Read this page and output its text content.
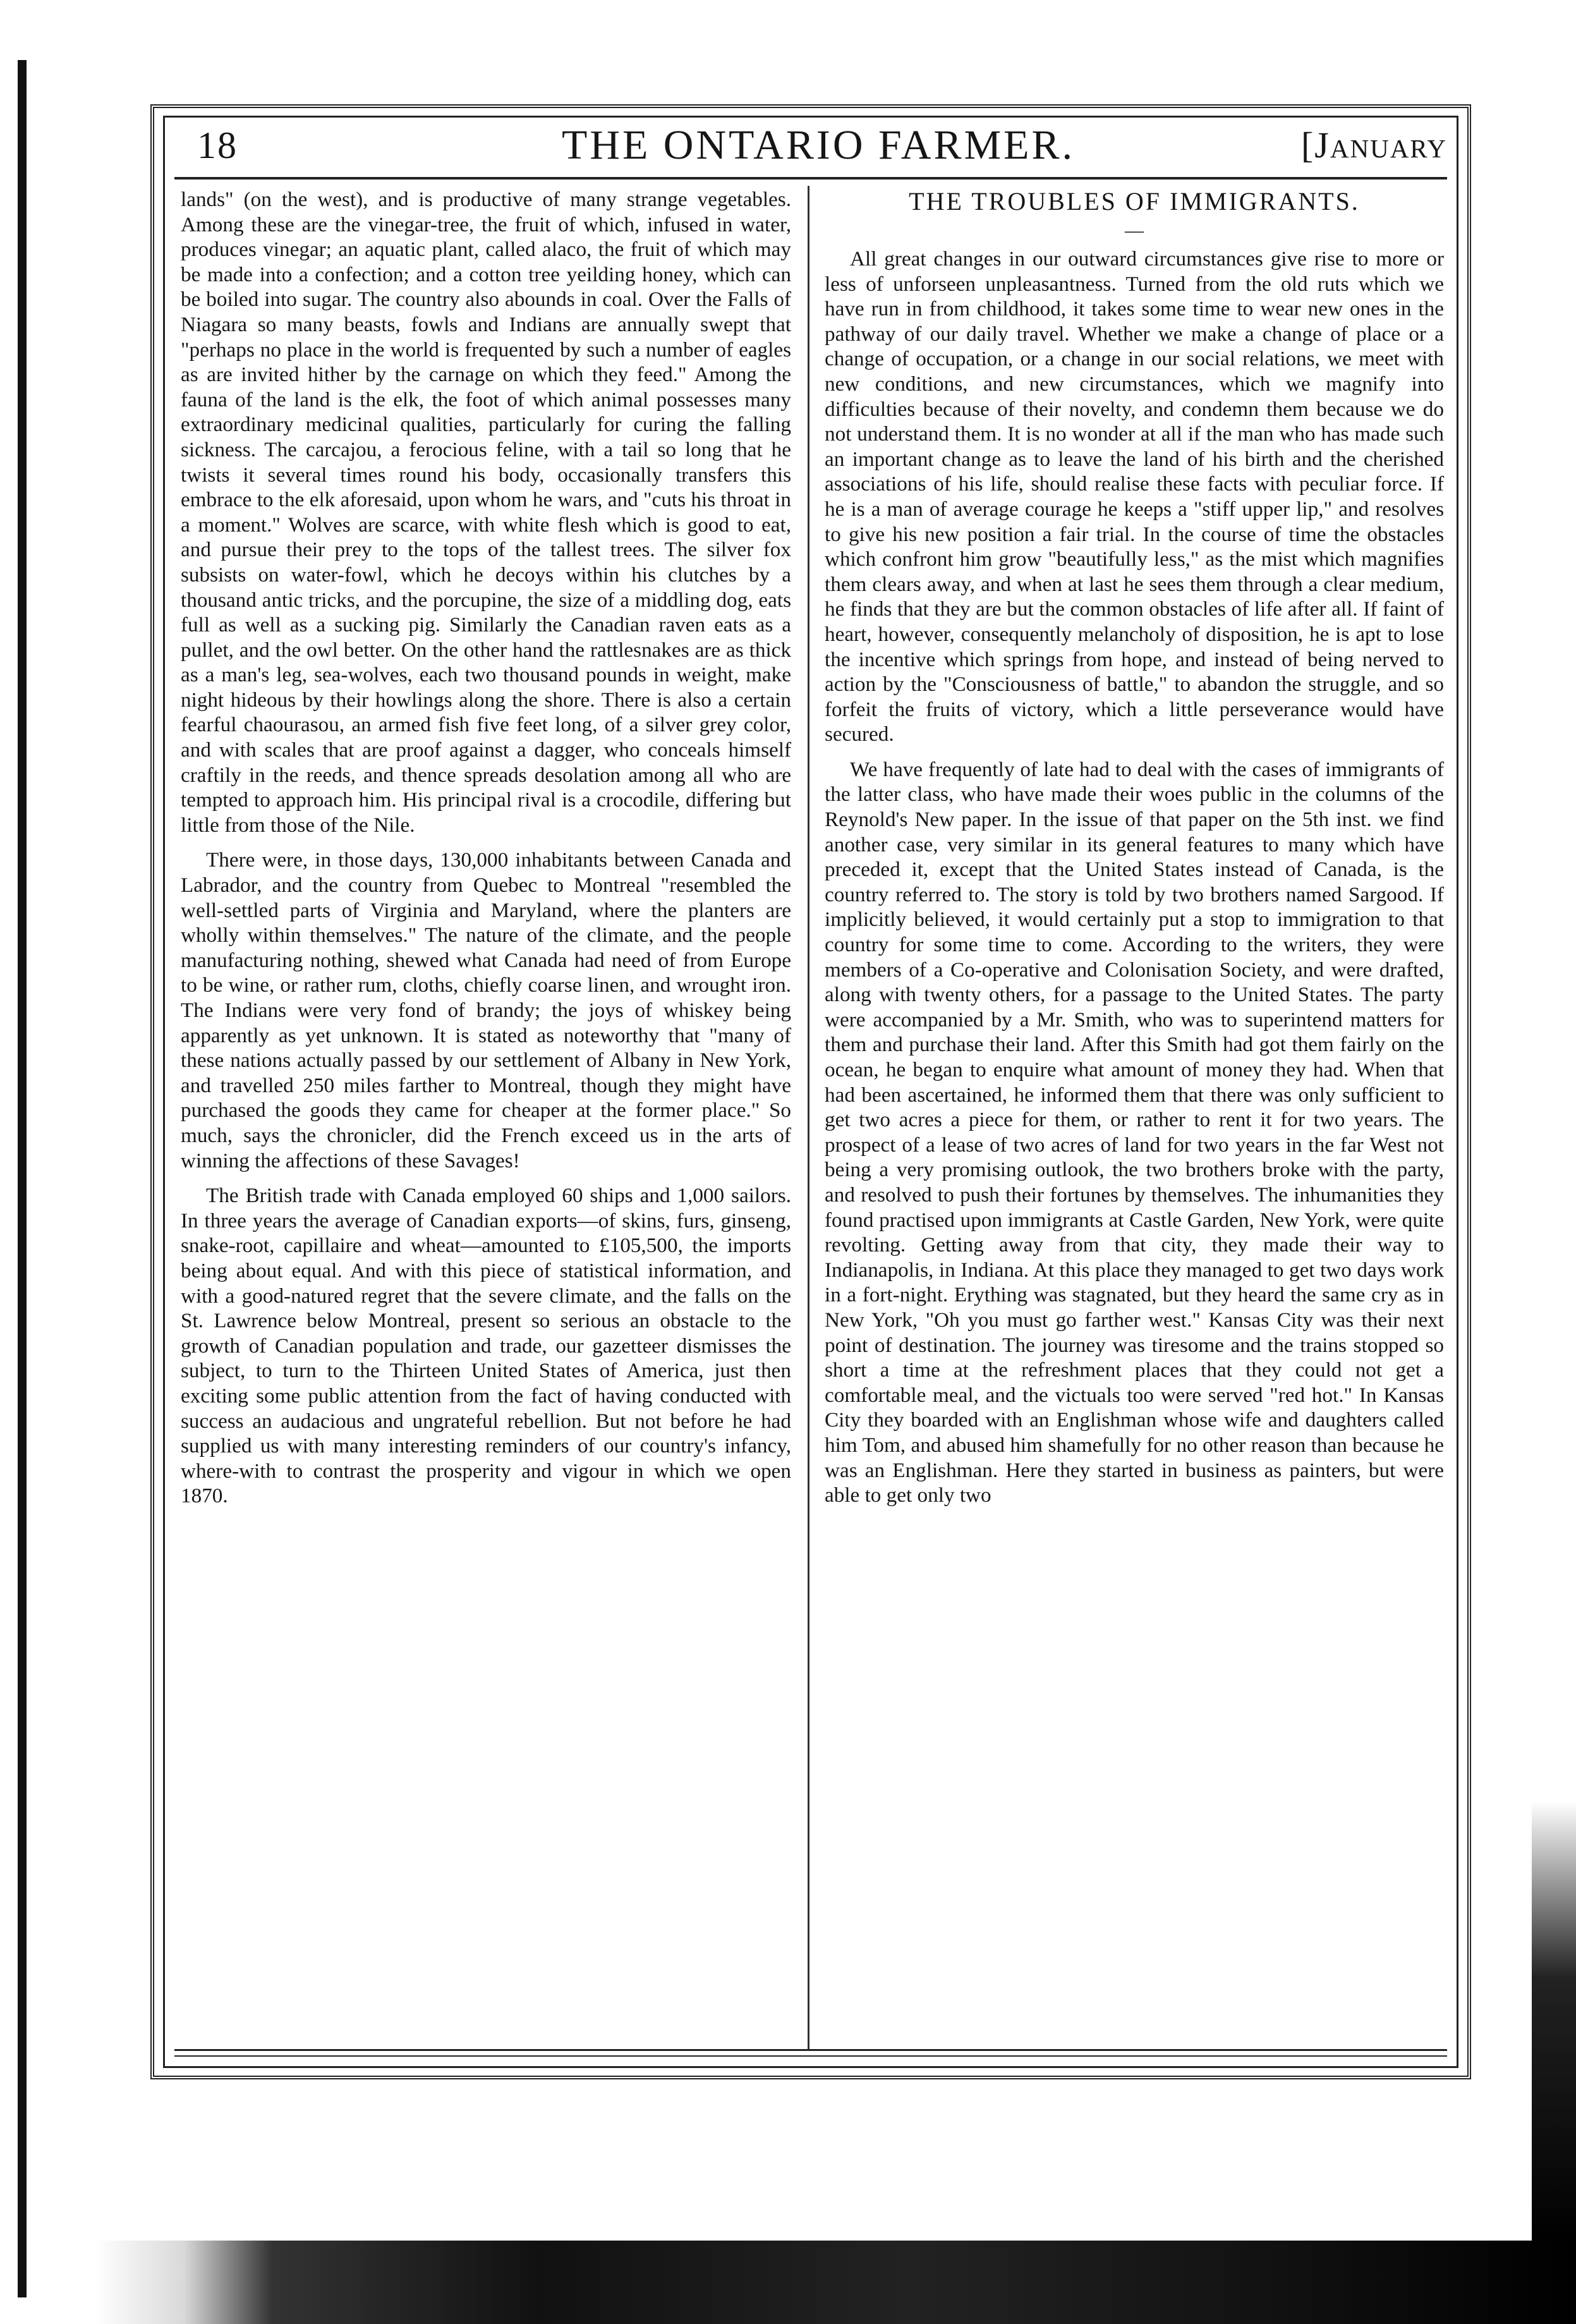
18	THE ONTARIO FARMER.	[January

lands" (on the west), and is productive of many strange vegetables. Among these are the vinegar-tree, the fruit of which, infused in water, produces vinegar; an aquatic plant, called alaco, the fruit of which may be made into a confection; and a cotton tree yeilding honey, which can be boiled into sugar. The country also abounds in coal. Over the Falls of Niagara so many beasts, fowls and Indians are annually swept that "perhaps no place in the world is frequented by such a number of eagles as are invited hither by the carnage on which they feed." Among the fauna of the land is the elk, the foot of which animal possesses many extraordinary medicinal qualities, particularly for curing the falling sickness. The carcajou, a ferocious feline, with a tail so long that he twists it several times round his body, occasionally transfers this embrace to the elk aforesaid, upon whom he wars, and "cuts his throat in a moment." Wolves are scarce, with white flesh which is good to eat, and pursue their prey to the tops of the tallest trees. The silver fox subsists on water-fowl, which he decoys within his clutches by a thousand antic tricks, and the porcupine, the size of a middling dog, eats full as well as a sucking pig. Similarly the Canadian raven eats as a pullet, and the owl better. On the other hand the rattlesnakes are as thick as a man's leg, sea-wolves, each two thousand pounds in weight, make night hideous by their howlings along the shore. There is also a certain fearful chaourasou, an armed fish five feet long, of a silver grey color, and with scales that are proof against a dagger, who conceals himself craftily in the reeds, and thence spreads desolation among all who are tempted to approach him. His principal rival is a crocodile, differing but little from those of the Nile.

There were, in those days, 130,000 inhabitants between Canada and Labrador, and the country from Quebec to Montreal "resembled the well-settled parts of Virginia and Maryland, where the planters are wholly within themselves." The nature of the climate, and the people manufacturing nothing, shewed what Canada had need of from Europe to be wine, or rather rum, cloths, chiefly coarse linen, and wrought iron. The Indians were very fond of brandy; the joys of whiskey being apparently as yet unknown. It is stated as noteworthy that "many of these nations actually passed by our settlement of Albany in New York, and travelled 250 miles farther to Montreal, though they might have purchased the goods they came for cheaper at the former place." So much, says the chronicler, did the French exceed us in the arts of winning the affections of these Savages!

The British trade with Canada employed 60 ships and 1,000 sailors. In three years the average of Canadian exports—of skins, furs, ginseng, snake-root, capillaire and wheat—amounted to £105,500, the imports being about equal. And with this piece of statistical information, and with a good-natured regret that the severe climate, and the falls on the St. Lawrence below Montreal, present so serious an obstacle to the growth of Canadian population and trade, our gazetteer dismisses the subject, to turn to the Thirteen United States of America, just then exciting some public attention from the fact of having conducted with success an audacious and ungrateful rebellion. But not before he had supplied us with many interesting reminders of our country's infancy, where-with to contrast the prosperity and vigour in which we open 1870.

THE TROUBLES OF IMMIGRANTS.
—

All great changes in our outward circumstances give rise to more or less of unforseen unpleasantness. Turned from the old ruts which we have run in from childhood, it takes some time to wear new ones in the pathway of our daily travel. Whether we make a change of place or a change of occupation, or a change in our social relations, we meet with new conditions, and new circumstances, which we magnify into difficulties because of their novelty, and condemn them because we do not understand them. It is no wonder at all if the man who has made such an important change as to leave the land of his birth and the cherished associations of his life, should realise these facts with peculiar force. If he is a man of average courage he keeps a "stiff upper lip," and resolves to give his new position a fair trial. In the course of time the obstacles which confront him grow "beautifully less," as the mist which magnifies them clears away, and when at last he sees them through a clear medium, he finds that they are but the common obstacles of life after all. If faint of heart, however, consequently melancholy of disposition, he is apt to lose the incentive which springs from hope, and instead of being nerved to action by the "Consciousness of battle," to abandon the struggle, and so forfeit the fruits of victory, which a little perseverance would have secured.

We have frequently of late had to deal with the cases of immigrants of the latter class, who have made their woes public in the columns of the Reynold's New paper. In the issue of that paper on the 5th inst. we find another case, very similar in its general features to many which have preceded it, except that the United States instead of Canada, is the country referred to. The story is told by two brothers named Sargood. If implicitly believed, it would certainly put a stop to immigration to that country for some time to come. According to the writers, they were members of a Co-operative and Colonisation Society, and were drafted, along with twenty others, for a passage to the United States. The party were accompanied by a Mr. Smith, who was to superintend matters for them and purchase their land. After this Smith had got them fairly on the ocean, he began to enquire what amount of money they had. When that had been ascertained, he informed them that there was only sufficient to get two acres a piece for them, or rather to rent it for two years. The prospect of a lease of two acres of land for two years in the far West not being a very promising outlook, the two brothers broke with the party, and resolved to push their fortunes by themselves. The inhumanities they found practised upon immigrants at Castle Garden, New York, were quite revolting. Getting away from that city, they made their way to Indianapolis, in Indiana. At this place they managed to get two days work in a fort-night. Erything was stagnated, but they heard the same cry as in New York, "Oh you must go farther west." Kansas City was their next point of destination. The journey was tiresome and the trains stopped so short a time at the refreshment places that they could not get a comfortable meal, and the victuals too were served "red hot." In Kansas City they boarded with an Englishman whose wife and daughters called him Tom, and abused him shamefully for no other reason than because he was an Englishman. Here they started in business as painters, but were able to get only two
